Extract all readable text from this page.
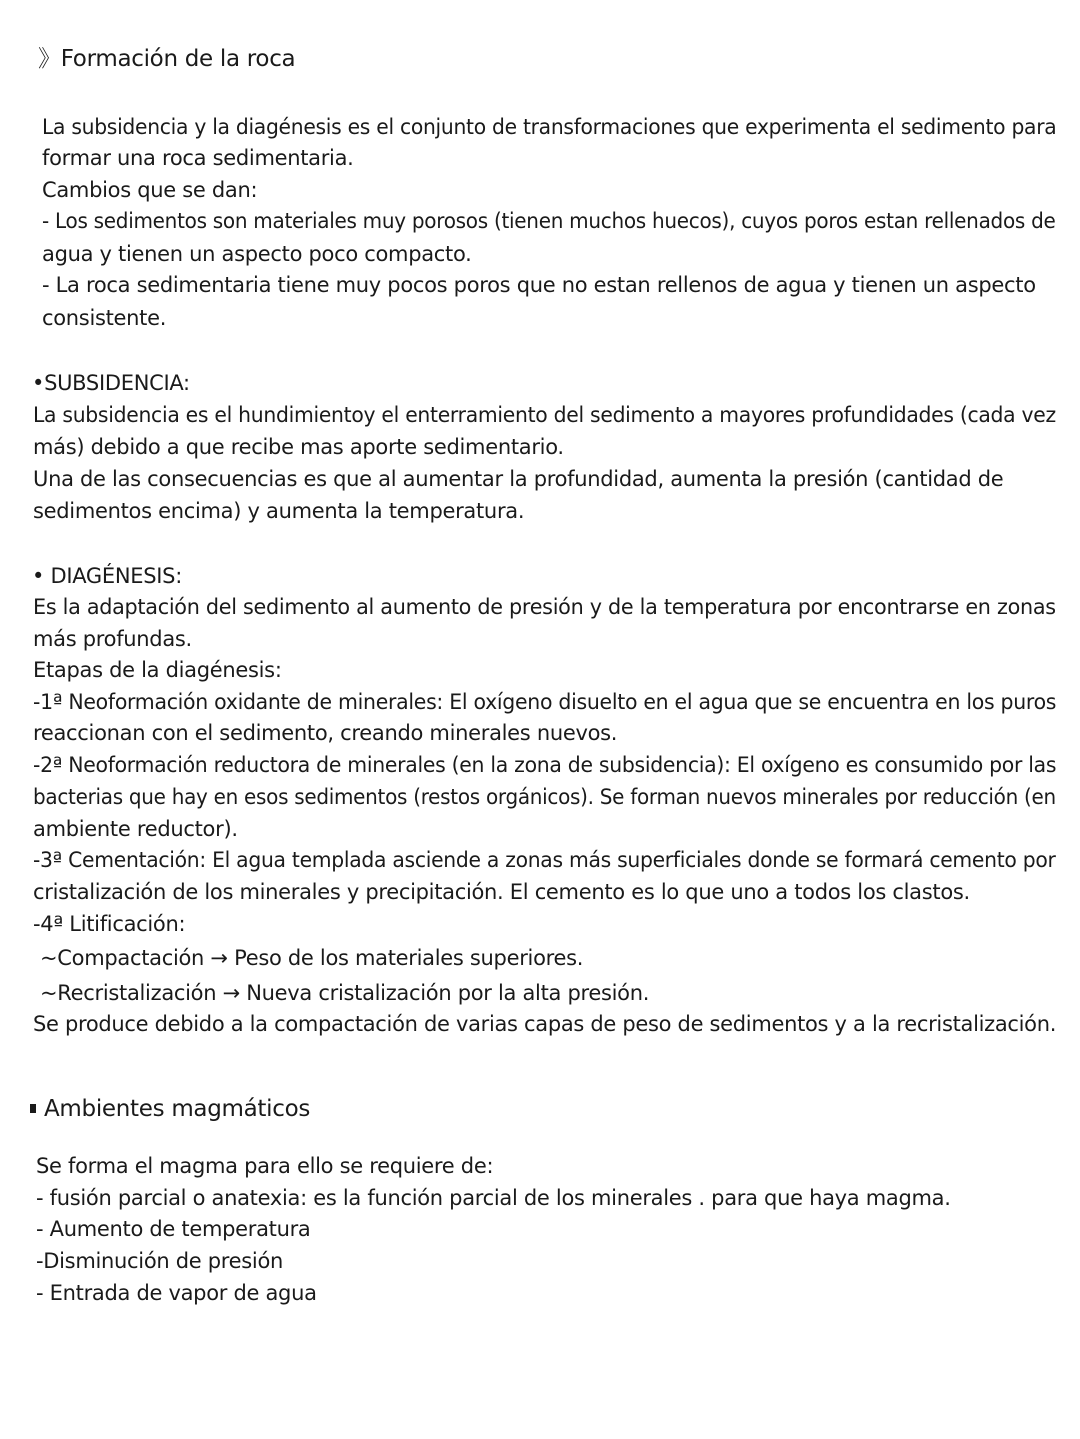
》Formación de la roca
La subsidencia y la diagénesis es el conjunto de transformaciones que experimenta el sedimento para
formar una roca sedimentaria.
Cambios que se dan:
- Los sedimentos son materiales muy porosos (tienen muchos huecos), cuyos poros estan rellenados de
agua y tienen un aspecto poco compacto.
- La roca sedimentaria tiene muy pocos poros que no estan rellenos de agua y tienen un aspecto
consistente.
•SUBSIDENCIA:
La subsidencia es el hundimientoy el enterramiento del sedimento a mayores profundidades (cada vez
más) debido a que recibe mas aporte sedimentario.
Una de las consecuencias es que al aumentar la profundidad, aumenta la presión (cantidad de
sedimentos encima) y aumenta la temperatura.
• DIAGÉNESIS:
Es la adaptación del sedimento al aumento de presión y de la temperatura por encontrarse en zonas
más profundas.
Etapas de la diagénesis:
-1ª Neoformación oxidante de minerales: El oxígeno disuelto en el agua que se encuentra en los puros
reaccionan con el sedimento, creando minerales nuevos.
-2ª Neoformación reductora de minerales (en la zona de subsidencia): El oxígeno es consumido por las
bacterias que hay en esos sedimentos (restos orgánicos). Se forman nuevos minerales por reducción (en
ambiente reductor).
-3ª Cementación: El agua templada asciende a zonas más superficiales donde se formará cemento por
cristalización de los minerales y precipitación. El cemento es lo que uno a todos los clastos.
-4ª Litificación:
~Compactación → Peso de los materiales superiores.
~Recristalización → Nueva cristalización por la alta presión.
Se produce debido a la compactación de varias capas de peso de sedimentos y a la recristalización.
Ambientes magmáticos
Se forma el magma para ello se requiere de:
- fusión parcial o anatexia: es la función parcial de los minerales . para que haya magma.
- Aumento de temperatura
-Disminución de presión
- Entrada de vapor de agua
